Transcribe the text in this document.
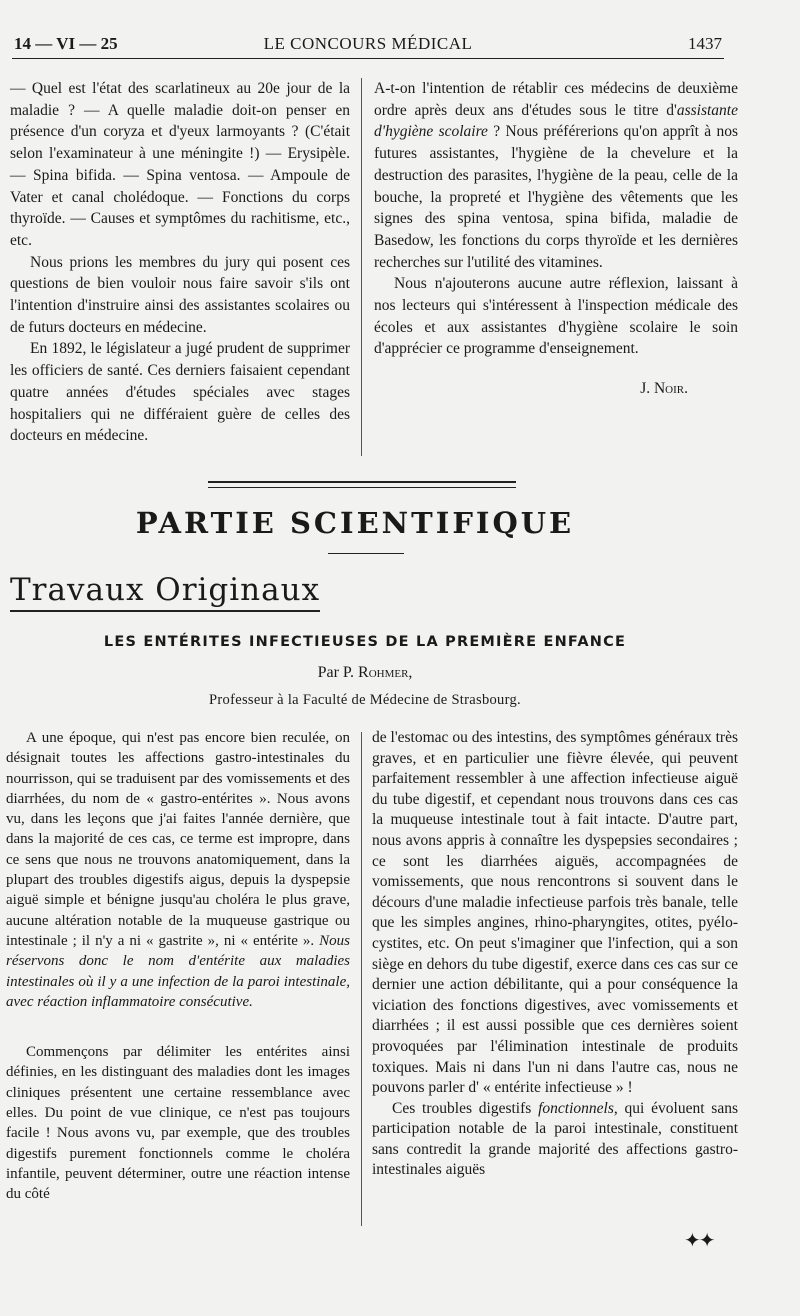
14 — VI — 25	LE CONCOURS MÉDICAL	1437

— Quel est l'état des scarlatineux au 20e jour de la maladie ? — A quelle maladie doit-on penser en présence d'un coryza et d'yeux larmoyants ? (C'était selon l'examinateur à une méningite !) — Erysipèle. — Spina bifida. — Spina ventosa. — Ampoule de Vater et canal cholédoque. — Fonctions du corps thyroïde. — Causes et symptômes du rachitisme, etc., etc.

Nous prions les membres du jury qui posent ces questions de bien vouloir nous faire savoir s'ils ont l'intention d'instruire ainsi des assistantes scolaires ou de futurs docteurs en médecine.

En 1892, le législateur a jugé prudent de supprimer les officiers de santé. Ces derniers faisaient cependant quatre années d'études spéciales avec stages hospitaliers qui ne différaient guère de celles des docteurs en médecine.

A-t-on l'intention de rétablir ces médecins de deuxième ordre après deux ans d'études sous le titre d'assistante d'hygiène scolaire ? Nous préférerions qu'on apprît à nos futures assistantes, l'hygiène de la chevelure et la destruction des parasites, l'hygiène de la peau, celle de la bouche, la propreté et l'hygiène des vêtements que les signes des spina ventosa, spina bifida, maladie de Basedow, les fonctions du corps thyroïde et les dernières recherches sur l'utilité des vitamines.

Nous n'ajouterons aucune autre réflexion, laissant à nos lecteurs qui s'intéressent à l'inspection médicale des écoles et aux assistantes d'hygiène scolaire le soin d'apprécier ce programme d'enseignement.

J. Noir.

PARTIE SCIENTIFIQUE
Travaux Originaux
LES ENTÉRITES INFECTIEUSES DE LA PREMIÈRE ENFANCE
Par P. Rohmer,
Professeur à la Faculté de Médecine de Strasbourg.

A une époque, qui n'est pas encore bien reculée, on désignait toutes les affections gastro-intestinales du nourrisson, qui se traduisent par des vomissements et des diarrhées, du nom de « gastro-entérites ». Nous avons vu, dans les leçons que j'ai faites l'année dernière, que dans la majorité de ces cas, ce terme est impropre, dans ce sens que nous ne trouvons anatomiquement, dans la plupart des troubles digestifs aigus, depuis la dyspepsie aiguë simple et bénigne jusqu'au choléra le plus grave, aucune altération notable de la muqueuse gastrique ou intestinale ; il n'y a ni « gastrite », ni « entérite ». Nous réservons donc le nom d'entérite aux maladies intestinales où il y a une infection de la paroi intestinale, avec réaction inflammatoire consécutive.

Commençons par délimiter les entérites ainsi définies, en les distinguant des maladies dont les images cliniques présentent une certaine ressemblance avec elles. Du point de vue clinique, ce n'est pas toujours facile ! Nous avons vu, par exemple, que des troubles digestifs purement fonctionnels comme le choléra infantile, peuvent déterminer, outre une réaction intense du côté

de l'estomac ou des intestins, des symptômes généraux très graves, et en particulier une fièvre élevée, qui peuvent parfaitement ressembler à une affection infectieuse aiguë du tube digestif, et cependant nous trouvons dans ces cas la muqueuse intestinale tout à fait intacte. D'autre part, nous avons appris à connaître les dyspepsies secondaires ; ce sont les diarrhées aiguës, accompagnées de vomissements, que nous rencontrons si souvent dans le décours d'une maladie infectieuse parfois très banale, telle que les simples angines, rhino-pharyngites, otites, pyélo-cystites, etc. On peut s'imaginer que l'infection, qui a son siège en dehors du tube digestif, exerce dans ces cas sur ce dernier une action débilitante, qui a pour conséquence la viciation des fonctions digestives, avec vomissements et diarrhées ; il est aussi possible que ces dernières soient provoquées par l'élimination intestinale de produits toxiques. Mais ni dans l'un ni dans l'autre cas, nous ne pouvons parler d' « entérite infectieuse » !

Ces troubles digestifs fonctionnels, qui évoluent sans participation notable de la paroi intestinale, constituent sans contredit la grande majorité des affections gastro-intestinales aiguës

✦✦
